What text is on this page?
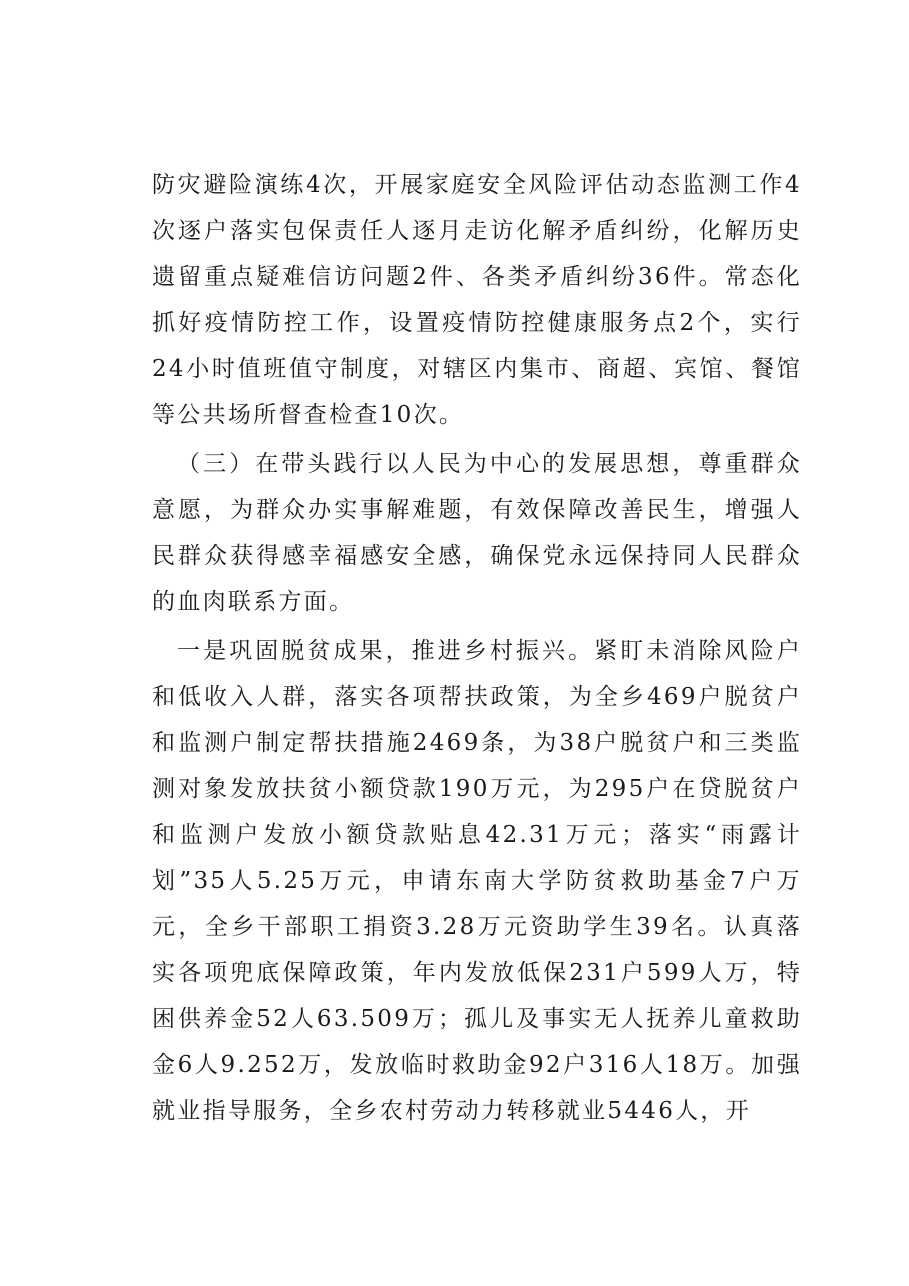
防灾避险演练4次，开展家庭安全风险评估动态监测工作4次逐户落实包保责任人逐月走访化解矛盾纠纷，化解历史遗留重点疑难信访问题2件、各类矛盾纠纷36件。常态化抓好疫情防控工作，设置疫情防控健康服务点2个，实行24小时值班值守制度，对辖区内集市、商超、宾馆、餐馆等公共场所督查检查10次。

（三）在带头践行以人民为中心的发展思想，尊重群众意愿，为群众办实事解难题，有效保障改善民生，增强人民群众获得感幸福感安全感，确保党永远保持同人民群众的血肉联系方面。

一是巩固脱贫成果，推进乡村振兴。紧盯未消除风险户和低收入人群，落实各项帮扶政策，为全乡469户脱贫户和监测户制定帮扶措施2469条，为38户脱贫户和三类监测对象发放扶贫小额贷款190万元，为295户在贷脱贫户和监测户发放小额贷款贴息42.31万元；落实“雨露计划”35人5.25万元，申请东南大学防贫救助基金7户万元，全乡干部职工捐资3.28万元资助学生39名。认真落实各项兜底保障政策，年内发放低保231户599人万，特困供养金52人63.509万；孤儿及事实无人抚养儿童救助金6人9.252万，发放临时救助金92户316人18万。加强就业指导服务，全乡农村劳动力转移就业5446人，开
